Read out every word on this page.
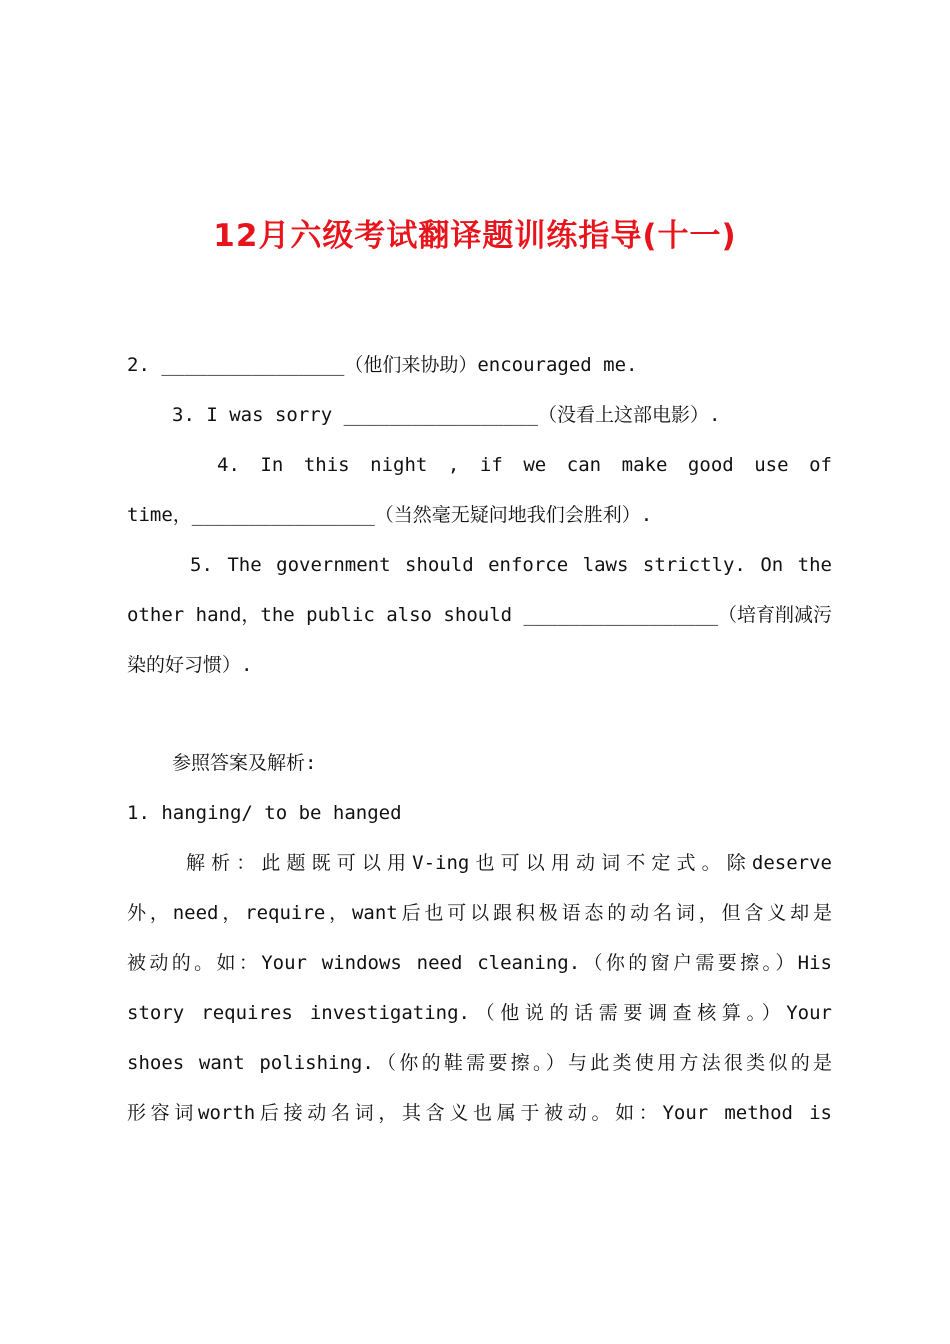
12月六级考试翻译题训练指导(十一)
2. ________________（他们来协助）encouraged me.
3. I was sorry _________________（没看上这部电影）.
4. In this night , if we can make good use of
time，________________（当然毫无疑问地我们会胜利）.
5. The government should enforce laws strictly. On the
other hand，the public also should _________________（培育削减污
染的好习惯）.
参照答案及解析:
1. hanging/ to be hanged
解析：此题既可以用V-ing也可以用动词不定式。除deserve
外，need，require，want后也可以跟积极语态的动名词，但含义却是
被动的。如：Your windows need cleaning.（你的窗户需要擦。）His
story requires investigating.（他说的话需要调查核算。）Your
shoes want polishing.（你的鞋需要擦。）与此类使用方法很类似的是
形容词worth后接动名词，其含义也属于被动。如：Your method is
